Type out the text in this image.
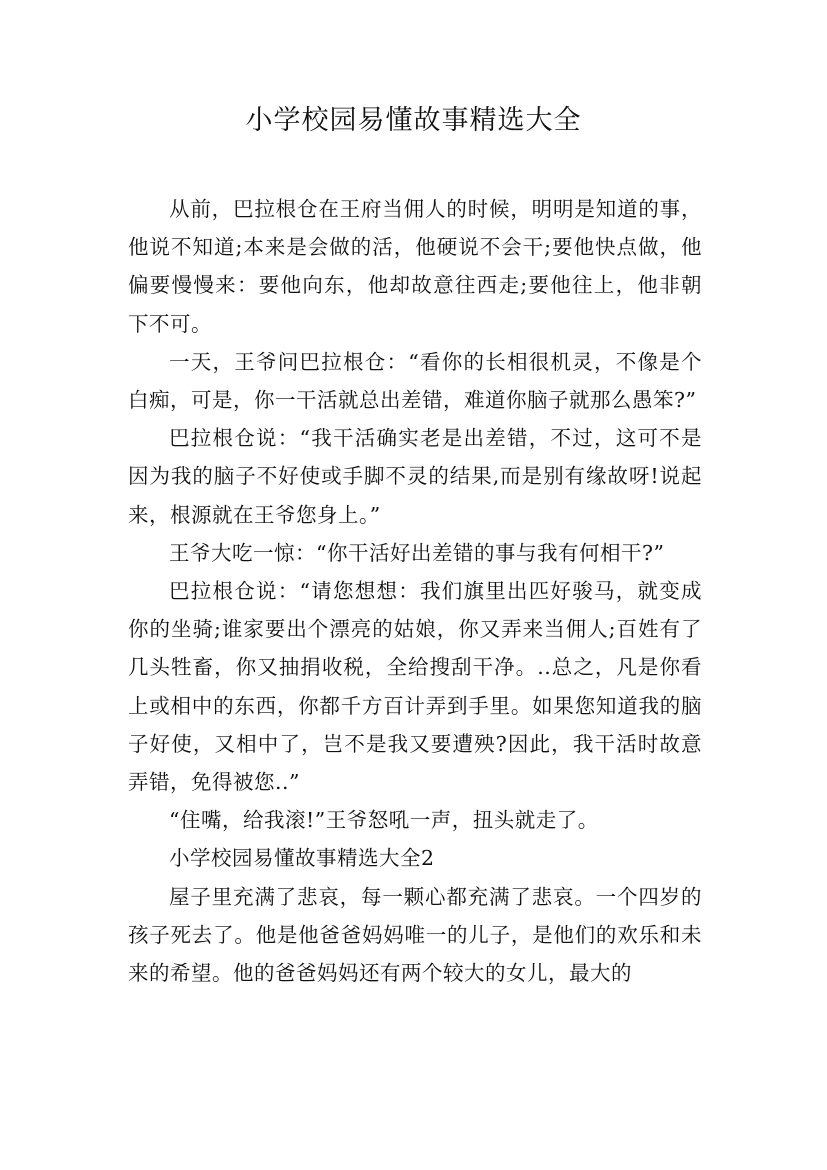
小学校园易懂故事精选大全

从前，巴拉根仓在王府当佣人的时候，明明是知道的事，他说不知道;本来是会做的活，他硬说不会干;要他快点做，他偏要慢慢来：要他向东，他却故意往西走;要他往上，他非朝下不可。

一天，王爷问巴拉根仓：“看你的长相很机灵，不像是个白痴，可是，你一干活就总出差错，难道你脑子就那么愚笨?”

巴拉根仓说：“我干活确实老是出差错，不过，这可不是因为我的脑子不好使或手脚不灵的结果,而是别有缘故呀!说起来，根源就在王爷您身上。”

王爷大吃一惊：“你干活好出差错的事与我有何相干?”

巴拉根仓说：“请您想想：我们旗里出匹好骏马，就变成你的坐骑;谁家要出个漂亮的姑娘，你又弄来当佣人;百姓有了几头牲畜，你又抽捐收税，全给搜刮干净。..总之，凡是你看上或相中的东西，你都千方百计弄到手里。如果您知道我的脑子好使，又相中了，岂不是我又要遭殃?因此，我干活时故意弄错，免得被您..”

“住嘴，给我滚!”王爷怒吼一声，扭头就走了。

小学校园易懂故事精选大全2

屋子里充满了悲哀，每一颗心都充满了悲哀。一个四岁的孩子死去了。他是他爸爸妈妈唯一的儿子，是他们的欢乐和未来的希望。他的爸爸妈妈还有两个较大的女儿，最大的
